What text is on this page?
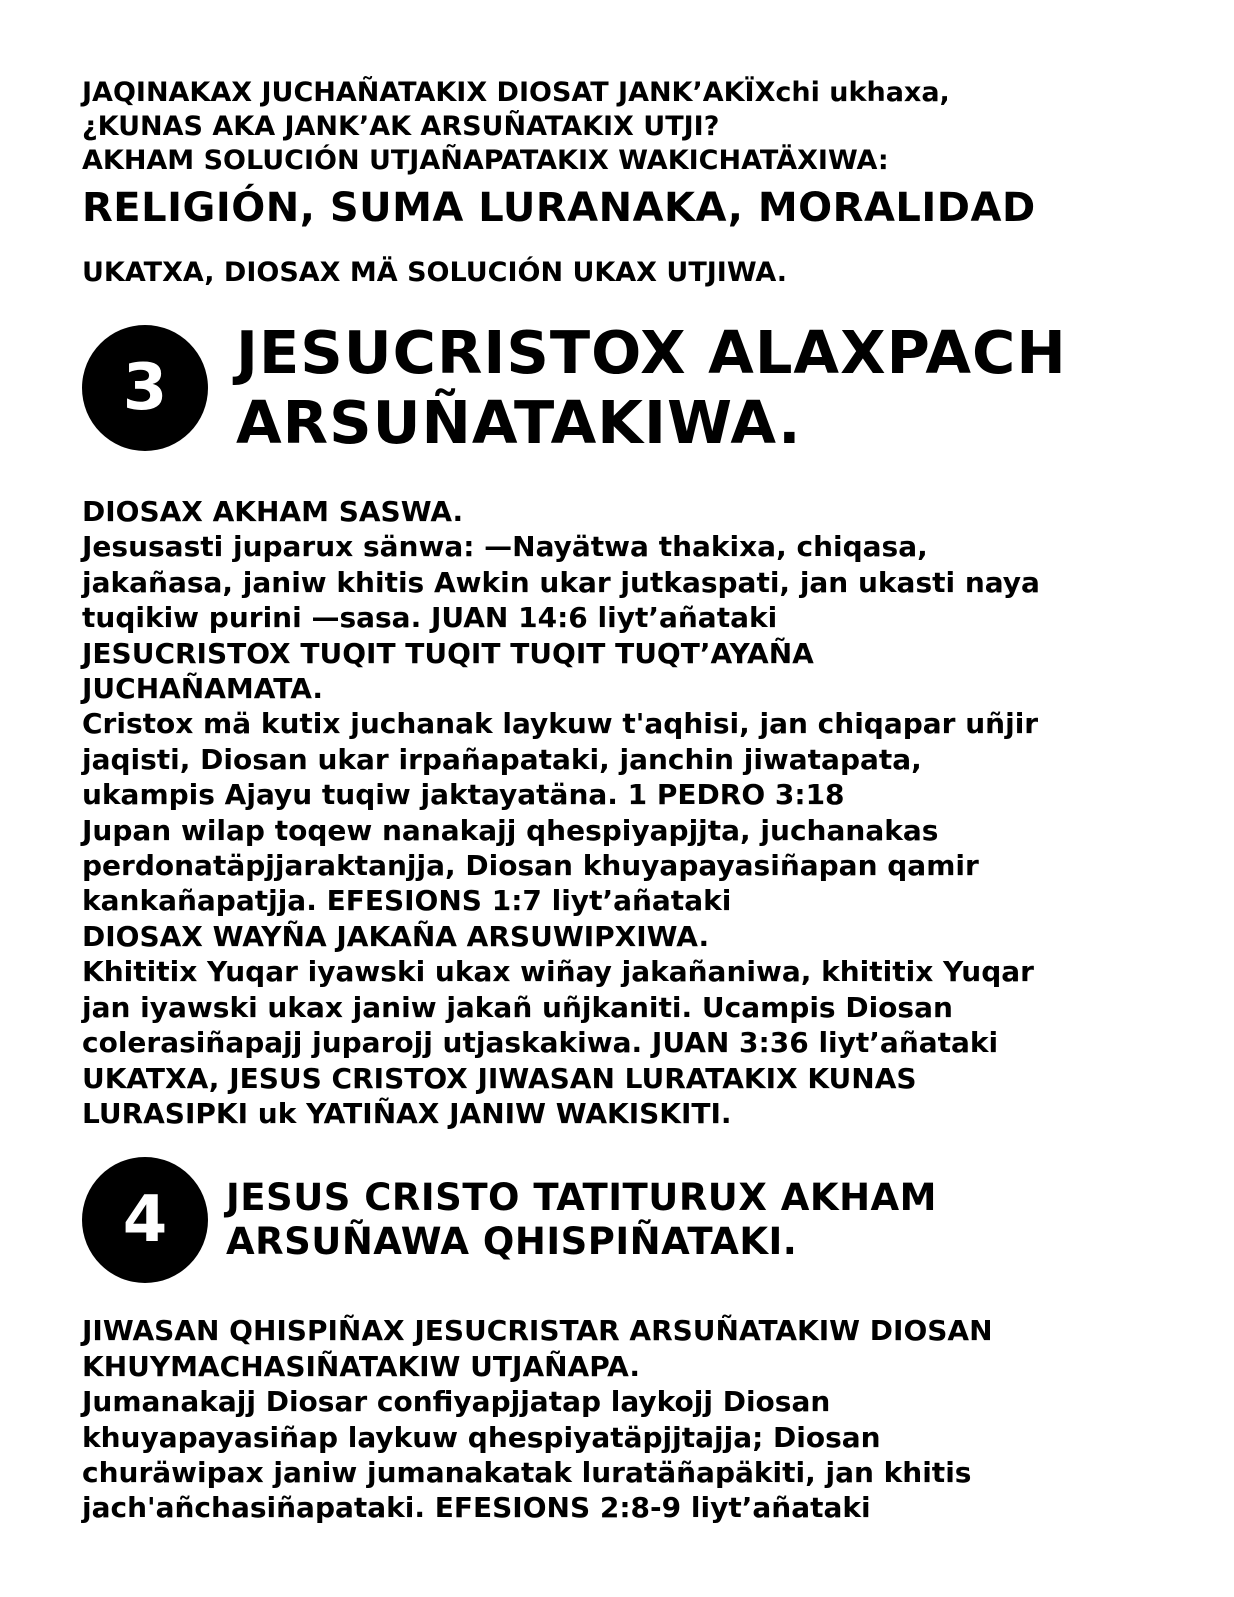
JAQINAKAX JUCHAÑATAKIX DIOSAT JANK’AKÏXchi ukhaxa,

¿KUNAS AKA JANK’AK ARSUÑATAKIX UTJI?

AKHAM SOLUCIÓN UTJAÑAPATAKIX WAKICHATÄXIWA:

RELIGIÓN, SUMA LURANAKA, MORALIDAD

UKATXA, DIOSAX MÄ SOLUCIÓN UKAX UTJIWA.

3	JESUCRISTOX ALAXPACH
ARSUÑATAKIWA.
DIOSAX AKHAM SASWA.
Jesusasti juparux sänwa: —Nayätwa thakixa, chiqasa,
jakañasa, janiw khitis Awkin ukar jutkaspati, jan ukasti naya
tuqikiw purini —sasa. JUAN 14:6 liyt’añataki
JESUCRISTOX TUQIT TUQIT TUQIT TUQT’AYAÑA
JUCHAÑAMATA.
Cristox mä kutix juchanak laykuw t'aqhisi, jan chiqapar uñjir
jaqisti, Diosan ukar irpañapataki, janchin jiwatapata,
ukampis Ajayu tuqiw jaktayatäna. 1 PEDRO 3:18
Jupan wilap toqew nanakajj qhespiyapjjta, juchanakas
perdonatäpjjaraktanjja, Diosan khuyapayasiñapan qamir
kankañapatjja. EFESIONS 1:7 liyt’añataki
DIOSAX WAYÑA JAKAÑA ARSUWIPXIWA.
Khititix Yuqar iyawski ukax wiñay jakañaniwa, khititix Yuqar
jan iyawski ukax janiw jakañ uñjkaniti. Ucampis Diosan
colerasiñapajj juparojj utjaskakiwa. JUAN 3:36 liyt’añataki
UKATXA, JESUS CRISTOX JIWASAN LURATAKIX KUNAS
LURASIPKI uk YATIÑAX JANIW WAKISKITI.
4	JESUS CRISTO TATITURUX AKHAM
ARSUÑAWA QHISPIÑATAKI.
JIWASAN QHISPIÑAX JESUCRISTAR ARSUÑATAKIW DIOSAN
KHUYMACHASIÑATAKIW UTJAÑAPA.
Jumanakajj Diosar confiyapjjatap laykojj Diosan
khuyapayasiñap laykuw qhespiyatäpjjtajja; Diosan
churäwipax janiw jumanakatak luratäñapäkiti, jan khitis
jach'añchasiñapataki. EFESIONS 2:8-9 liyt’añataki
